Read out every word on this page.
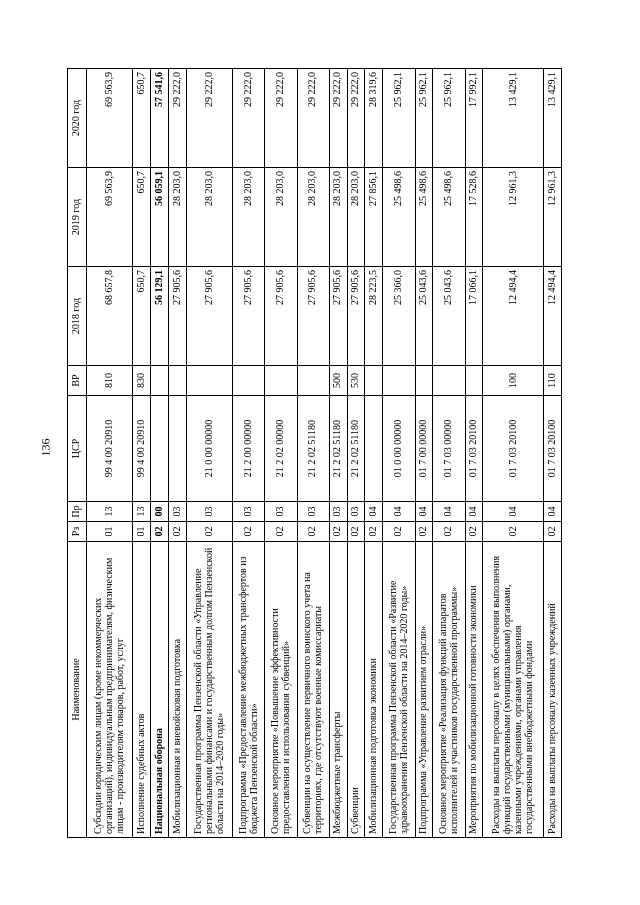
136
Наименование	Рз	Пр	ЦСР	ВР	2018 год	2019 год	2020 год
Субсидии юридическим лицам (кроме некоммерческих организаций), индивидуальным предпринимателям, физическим лицам - производителям товаров, работ, услуг	01	13	99 4 00 20910	810	68 657,8	69 563,9	69 563,9
Исполнение судебных актов	01	13	99 4 00 20910	830	650,7	650,7	650,7
Национальная оборона	02	00			56 129,1	56 059,1	57 541,6
Мобилизационная и вневойсковая подготовка	02	03			27 905,6	28 203,0	29 222,0
Государственная программа Пензенской области «Управление региональными финансами и государственным долгом Пензенской области на 2014–2020 годы»	02	03	21 0 00 00000		27 905,6	28 203,0	29 222,0
Подпрограмма «Предоставление межбюджетных трансфертов из бюджета Пензенской области»	02	03	21 2 00 00000		27 905,6	28 203,0	29 222,0
Основное мероприятие «Повышение эффективности предоставления и использования субвенций»	02	03	21 2 02 00000		27 905,6	28 203,0	29 222,0
Субвенции на осуществление первичного воинского учета на территориях, где отсутствуют военные комиссариаты	02	03	21 2 02 51180		27 905,6	28 203,0	29 222,0
Межбюджетные трансферты	02	03	21 2 02 51180	500	27 905,6	28 203,0	29 222,0
Субвенции	02	03	21 2 02 51180	530	27 905,6	28 203,0	29 222,0
Мобилизационная подготовка экономики	02	04			28 223,5	27 856,1	28 319,6
Государственная программа Пензенской области «Развитие здравоохранения Пензенской области на 2014–2020 годы»	02	04	01 0 00 00000		25 366,0	25 498,6	25 962,1
Подпрограмма «Управление развитием отрасли»	02	04	01 7 00 00000		25 043,6	25 498,6	25 962,1
Основное мероприятие «Реализация функций аппаратов исполнителей и участников государственной программы»	02	04	01 7 03 00000		25 043,6	25 498,6	25 962,1
Мероприятия по мобилизационной готовности экономики	02	04	01 7 03 20100		17 066,1	17 528,6	17 992,1
Расходы на выплаты персоналу в целях обеспечения выполнения функций государственными (муниципальными) органами, казенными учреждениями, органами управления государственными внебюджетными фондами	02	04	01 7 03 20100	100	12 494,4	12 961,3	13 429,1
Расходы на выплаты персоналу казенных учреждений	02	04	01 7 03 20100	110	12 494,4	12 961,3	13 429,1
